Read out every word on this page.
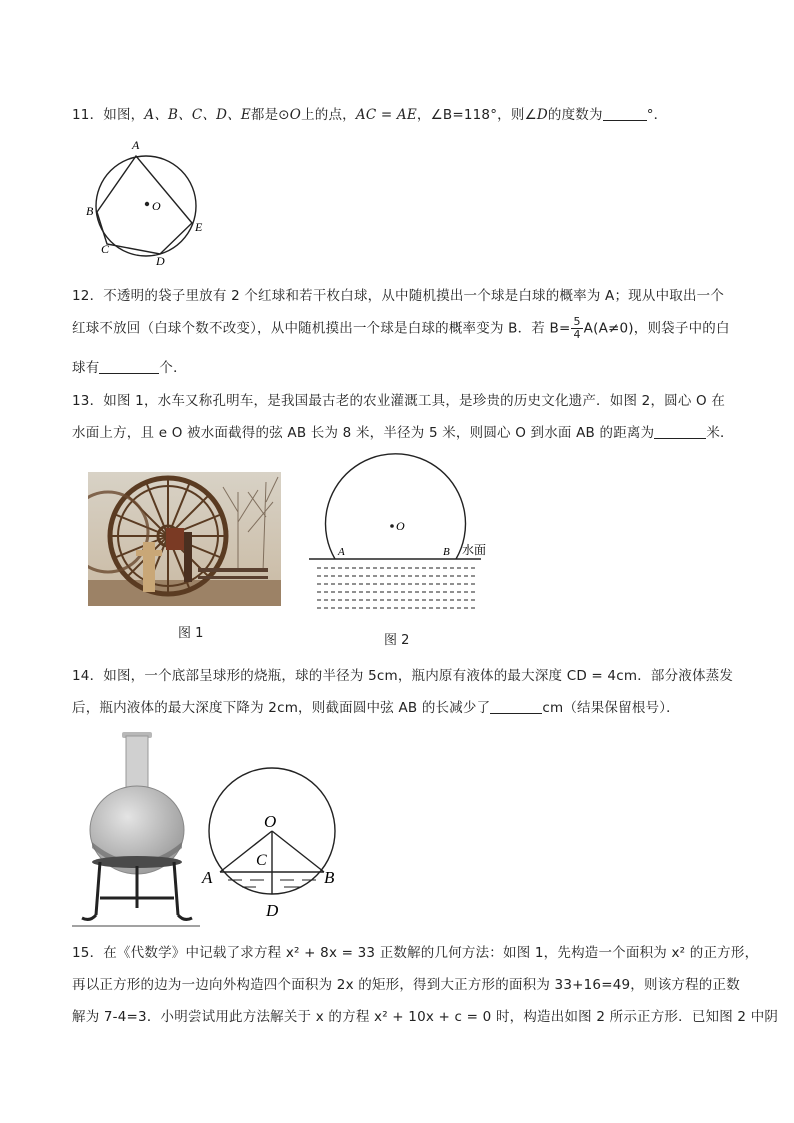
11．如图，A、B、C、D、E都是⊙O上的点，AC = AE，∠B=118°，则∠D的度数为	°．
O
A
B
C
D
E
12．不透明的袋子里放有 2 个红球和若干枚白球，从中随机摸出一个球是白球的概率为 A；现从中取出一个
红球不放回（白球个数不改变），从中随机摸出一个球是白球的概率变为 B．若 $B= \frac{5}{4} A(A\ne 0)$，则袋子中的白
球有	个．
13．如图 1，水车又称孔明车，是我国最古老的农业灌溉工具，是珍贵的历史文化遗产．如图 2，圆心 O 在
水面上方，且 e O 被水面截得的弦 AB 长为 8 米，半径为 5 米，则圆心 O 到水面 AB 的距离为	米．
图 1
O
A	B 水面
图 2
14．如图，一个底部呈球形的烧瓶，球的半径为 5cm，瓶内原有液体的最大深度 CD = 4cm．部分液体蒸发
后，瓶内液体的最大深度下降为 2cm，则截面圆中弦 AB 的长减少了	cm（结果保留根号）．
O
C
A	B
D
15．在《代数学》中记载了求方程 x² + 8x = 33 正数解的几何方法：如图 1，先构造一个面积为 x² 的正方形，
再以正方形的边为一边向外构造四个面积为 2x 的矩形，得到大正方形的面积为 33+16=49，则该方程的正数
解为 7-4=3．小明尝试用此方法解关于 x 的方程 x² + 10x + c = 0 时，构造出如图 2 所示正方形．已知图 2 中阴
